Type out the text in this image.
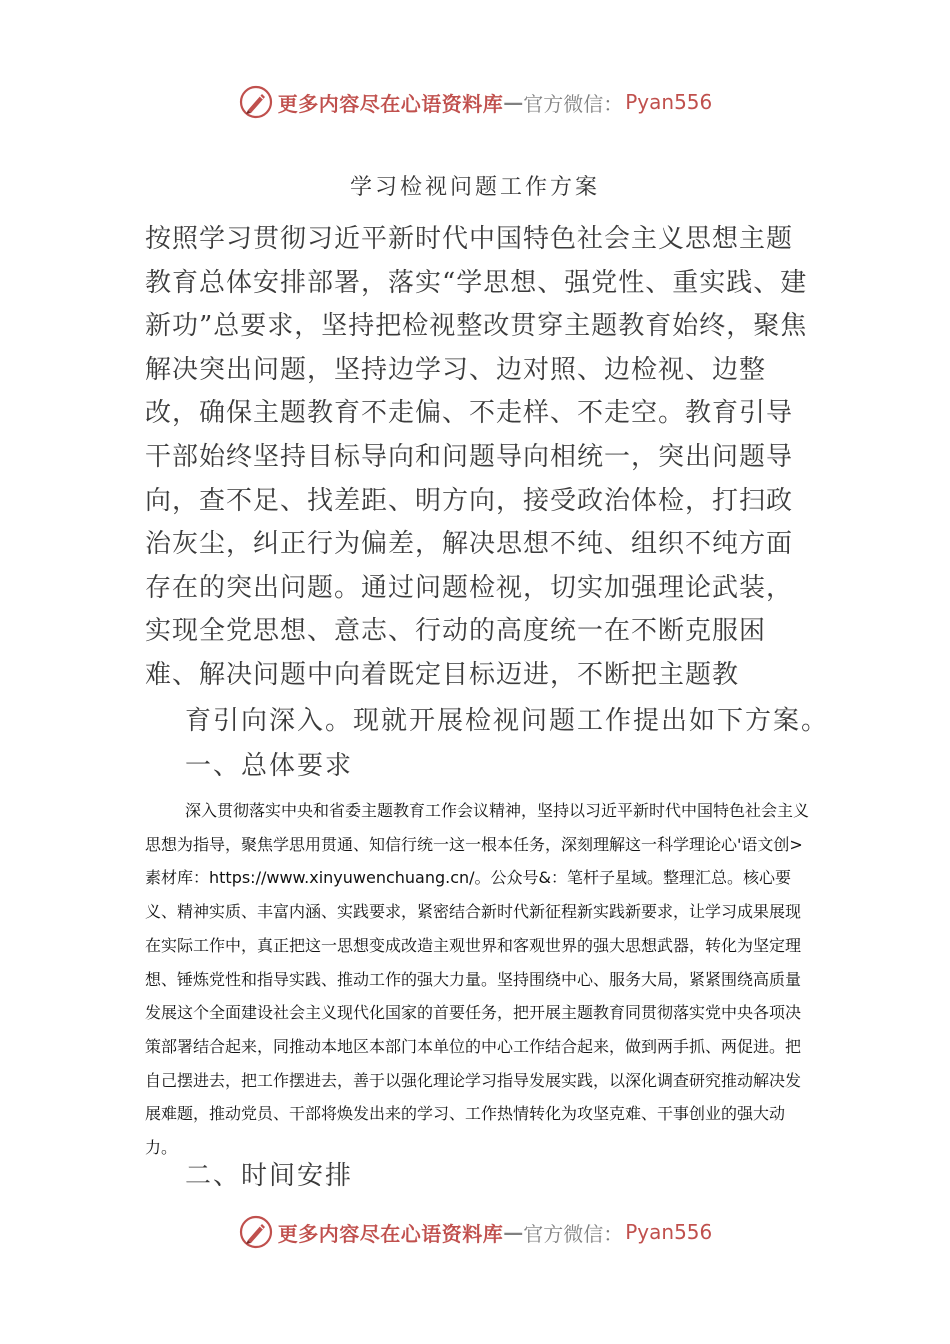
更多内容尽在心语资料库 — 官方微信： Pyan556
学习检视问题工作方案

按照学习贯彻习近平新时代中国特色社会主义思想主题教育总体安排部署，落实“学思想、强党性、重实践、建新功”总要求，坚持把检视整改贯穿主题教育始终，聚焦解决突出问题，坚持边学习、边对照、边检视、边整改，确保主题教育不走偏、不走样、不走空。教育引导干部始终坚持目标导向和问题导向相统一，突出问题导向，查不足、找差距、明方向，接受政治体检，打扫政治灰尘，纠正行为偏差，解决思想不纯、组织不纯方面存在的突出问题。通过问题检视，切实加强理论武装，实现全党思想、意志、行动的高度统一在不断克服困难、解决问题中向着既定目标迈进，不断把主题教

育引向深入。现就开展检视问题工作提出如下方案。

一、总体要求

深入贯彻落实中央和省委主题教育工作会议精神，坚持以习近平新时代中国特色社会主义思想为指导，聚焦学思用贯通、知信行统一这一根本任务，深刻理解这一科学理论心'语文创>素材库：https://www.xinyuwenchuang.cn/。公众号&：笔杆子星域。整理汇总。核心要义、精神实质、丰富内涵、实践要求，紧密结合新时代新征程新实践新要求，让学习成果展现在实际工作中，真正把这一思想变成改造主观世界和客观世界的强大思想武器，转化为坚定理想、锤炼党性和指导实践、推动工作的强大力量。坚持围绕中心、服务大局，紧紧围绕高质量发展这个全面建设社会主义现代化国家的首要任务，把开展主题教育同贯彻落实党中央各项决策部署结合起来，同推动本地区本部门本单位的中心工作结合起来，做到两手抓、两促进。把自己摆进去，把工作摆进去，善于以强化理论学习指导发展实践，以深化调查研究推动解决发展难题，推动党员、干部将焕发出来的学习、工作热情转化为攻坚克难、干事创业的强大动力。

二、时间安排

更多内容尽在心语资料库 — 官方微信： Pyan556
